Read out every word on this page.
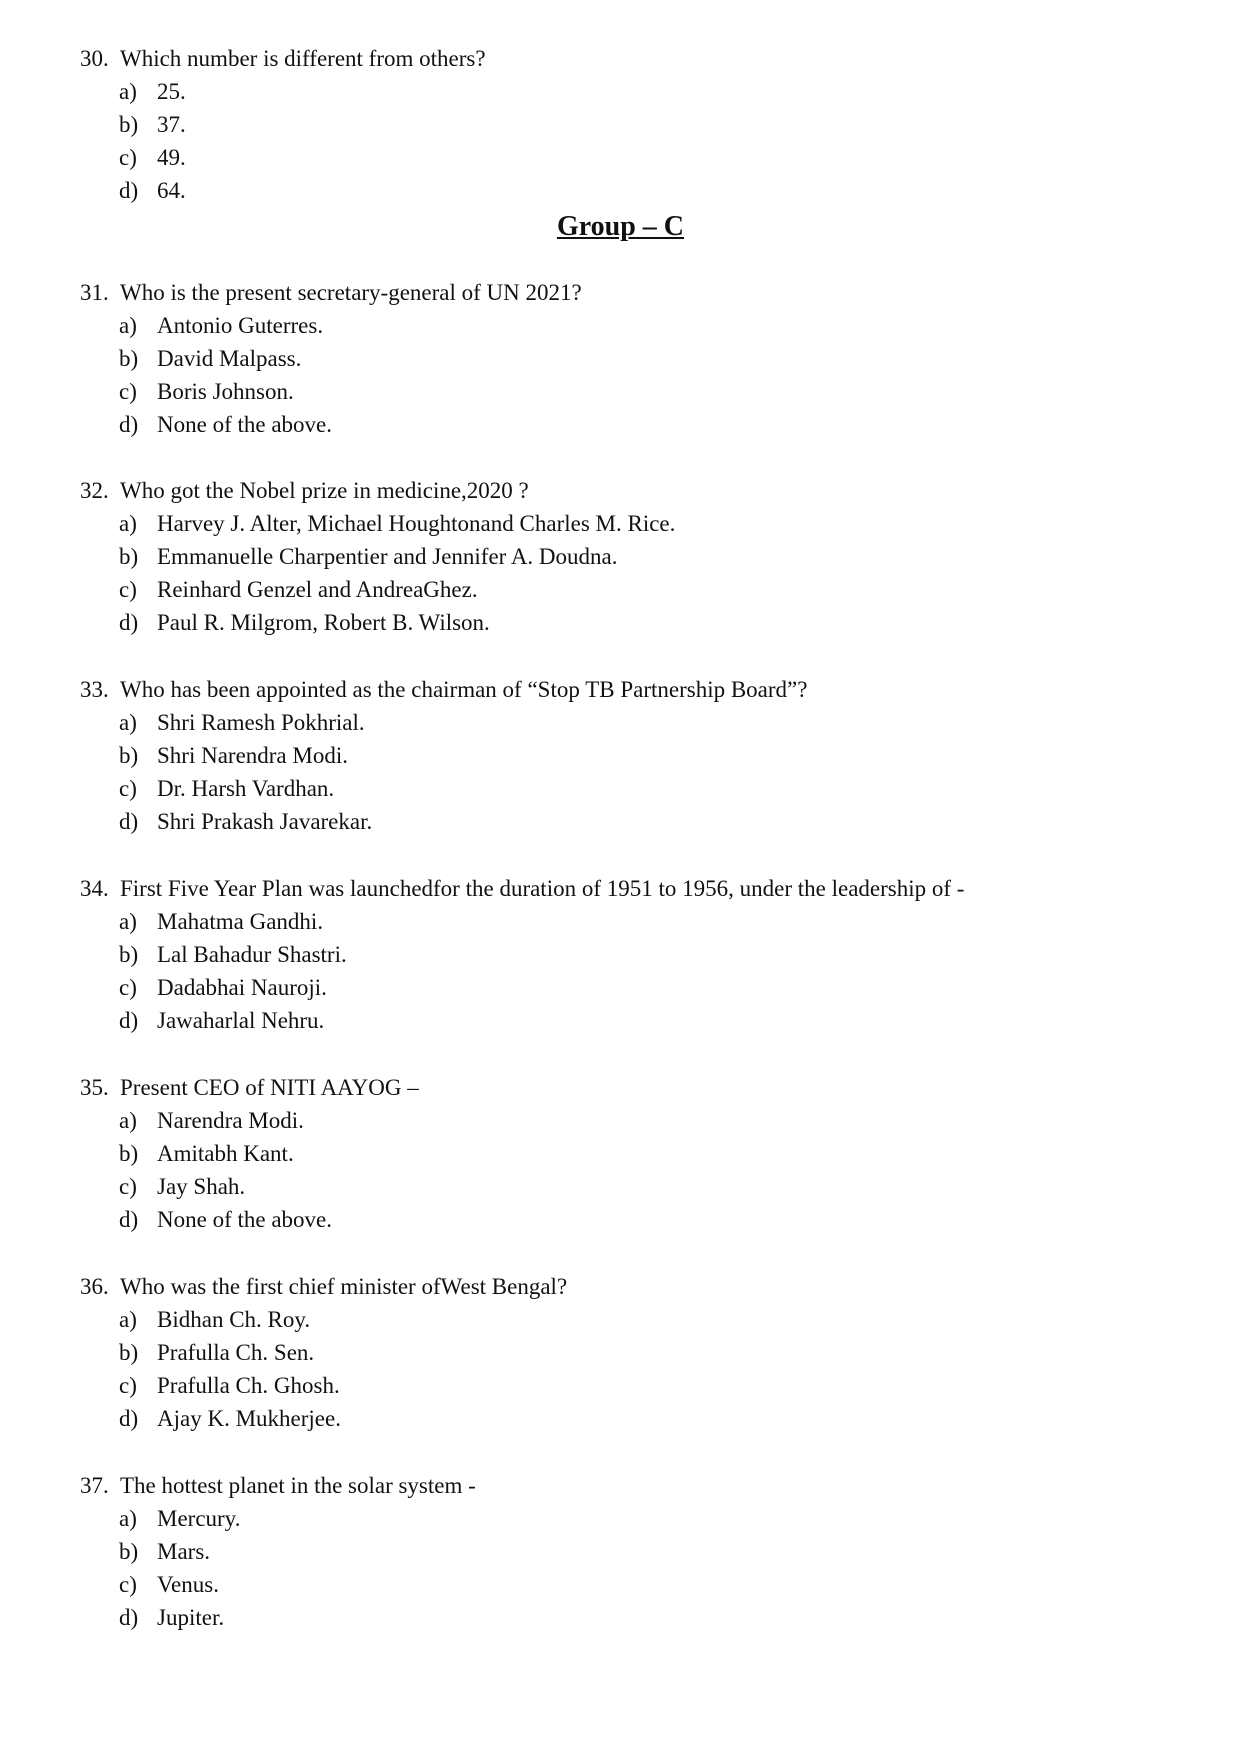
30. Which number is different from others?
a) 25.
b) 37.
c) 49.
d) 64.
Group – C
31. Who is the present secretary-general of UN 2021?
a) Antonio Guterres.
b) David Malpass.
c) Boris Johnson.
d) None of the above.
32. Who got the Nobel prize in medicine,2020 ?
a) Harvey J. Alter, Michael Houghtonand Charles M. Rice.
b) Emmanuelle Charpentier and Jennifer A. Doudna.
c) Reinhard Genzel and AndreaGhez.
d) Paul R. Milgrom, Robert B. Wilson.
33. Who has been appointed as the chairman of “Stop TB Partnership Board”?
a) Shri Ramesh Pokhrial.
b) Shri Narendra Modi.
c) Dr. Harsh Vardhan.
d) Shri Prakash Javarekar.
34. First Five Year Plan was launchedfor the duration of 1951 to 1956, under the leadership of -
a) Mahatma Gandhi.
b) Lal Bahadur Shastri.
c) Dadabhai Nauroji.
d) Jawaharlal Nehru.
35. Present CEO of NITI AAYOG –
a) Narendra Modi.
b) Amitabh Kant.
c) Jay Shah.
d) None of the above.
36. Who was the first chief minister ofWest Bengal?
a) Bidhan Ch. Roy.
b) Prafulla Ch. Sen.
c) Prafulla Ch. Ghosh.
d) Ajay K. Mukherjee.
37. The hottest planet in the solar system -
a) Mercury.
b) Mars.
c) Venus.
d) Jupiter.
